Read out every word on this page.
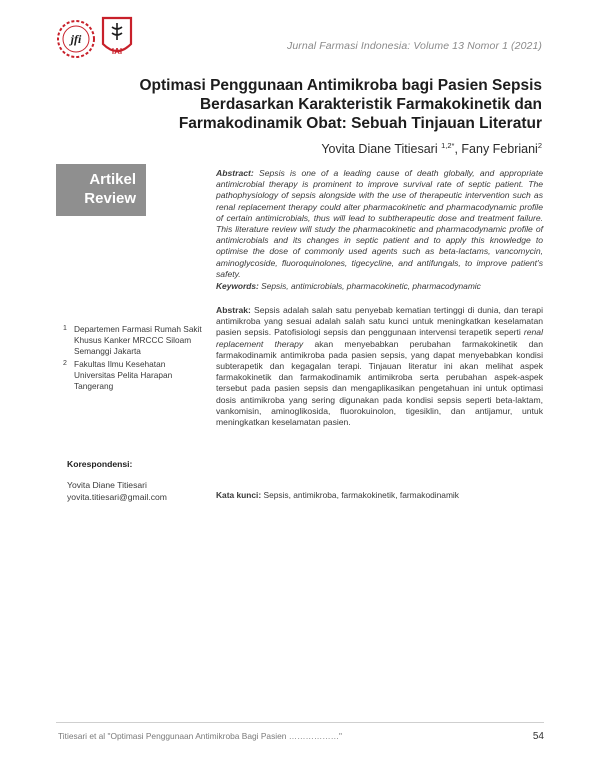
jfi
IAI	Jurnal Farmasi Indonesia: Volume 13 Nomor 1 (2021)
Optimasi Penggunaan Antimikroba bagi Pasien Sepsis Berdasarkan Karakteristik Farmakokinetik dan Farmakodinamik Obat: Sebuah Tinjauan Literatur
Yovita Diane Titiesari $^{1,2*}$, Fany Febriani$^2$
Artikel
Review
Abstract: Sepsis is one of a leading cause of death globally, and appropriate antimicrobial therapy is prominent to improve survival rate of septic patient. The pathophysiology of sepsis alongside with the use of therapeutic intervention such as renal replacement therapy could alter pharmacokinetic and pharmacodynamic profile of certain antimicrobials, thus will lead to subtherapeutic dose and treatment failure. This literature review will study the pharmacokinetic and pharmacodynamic profile of antimicrobials and its changes in septic patient and to apply this knowledge to optimise the dose of commonly used agents such as beta-lactams, vancomycin, aminoglycoside, fluoroquinolones, tigecycline, and antifungals, to improve patient's safety.
Keywords: Sepsis, antimicrobials, pharmacokinetic, pharmacodynamic
Abstrak: Sepsis adalah salah satu penyebab kematian tertinggi di dunia, dan terapi antimikroba yang sesuai adalah salah satu kunci untuk meningkatkan keselamatan pasien sepsis. Patofisiologi sepsis dan penggunaan intervensi terapetik seperti renal replacement therapy akan menyebabkan perubahan farmakokinetik dan farmakodinamik antimikroba pada pasien sepsis, yang dapat menyebabkan kondisi subterapetik dan kegagalan terapi. Tinjauan literatur ini akan melihat aspek farmakokinetik dan farmakodinamik antimikroba serta perubahan aspek-aspek tersebut pada pasien sepsis dan mengaplikasikan pengetahuan ini untuk optimasi dosis antimikroba yang sering digunakan pada kondisi sepsis seperti beta-laktam, vankomisin, aminoglikosida, fluorokuinolon, tigesiklin, dan antijamur, untuk meningkatkan keselamatan pasien.
Kata kunci: Sepsis, antimikroba, farmakokinetik, farmakodinamik
1 Departemen Farmasi Rumah Sakit Khusus Kanker MRCCC Siloam Semanggi Jakarta
2 Fakultas Ilmu Kesehatan Universitas Pelita Harapan Tangerang
Korespondensi:
Yovita Diane Titiesari
yovita.titiesari@gmail.com
Titiesari et al "Optimasi Penggunaan Antimikroba Bagi Pasien ………………"	54
